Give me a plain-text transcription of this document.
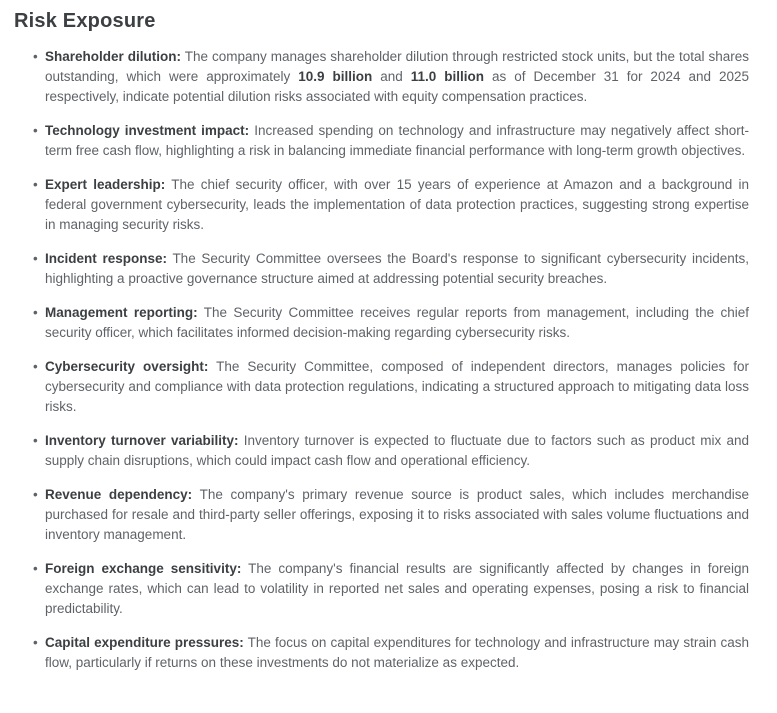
Risk Exposure
• Shareholder dilution: The company manages shareholder dilution through restricted stock units, but the total shares outstanding, which were approximately 10.9 billion and 11.0 billion as of December 31 for 2024 and 2025 respectively, indicate potential dilution risks associated with equity compensation practices.
• Technology investment impact: Increased spending on technology and infrastructure may negatively affect short-term free cash flow, highlighting a risk in balancing immediate financial performance with long-term growth objectives.
• Expert leadership: The chief security officer, with over 15 years of experience at Amazon and a background in federal government cybersecurity, leads the implementation of data protection practices, suggesting strong expertise in managing security risks.
• Incident response: The Security Committee oversees the Board's response to significant cybersecurity incidents, highlighting a proactive governance structure aimed at addressing potential security breaches.
• Management reporting: The Security Committee receives regular reports from management, including the chief security officer, which facilitates informed decision-making regarding cybersecurity risks.
• Cybersecurity oversight: The Security Committee, composed of independent directors, manages policies for cybersecurity and compliance with data protection regulations, indicating a structured approach to mitigating data loss risks.
• Inventory turnover variability: Inventory turnover is expected to fluctuate due to factors such as product mix and supply chain disruptions, which could impact cash flow and operational efficiency.
• Revenue dependency: The company's primary revenue source is product sales, which includes merchandise purchased for resale and third-party seller offerings, exposing it to risks associated with sales volume fluctuations and inventory management.
• Foreign exchange sensitivity: The company's financial results are significantly affected by changes in foreign exchange rates, which can lead to volatility in reported net sales and operating expenses, posing a risk to financial predictability.
• Capital expenditure pressures: The focus on capital expenditures for technology and infrastructure may strain cash flow, particularly if returns on these investments do not materialize as expected.
